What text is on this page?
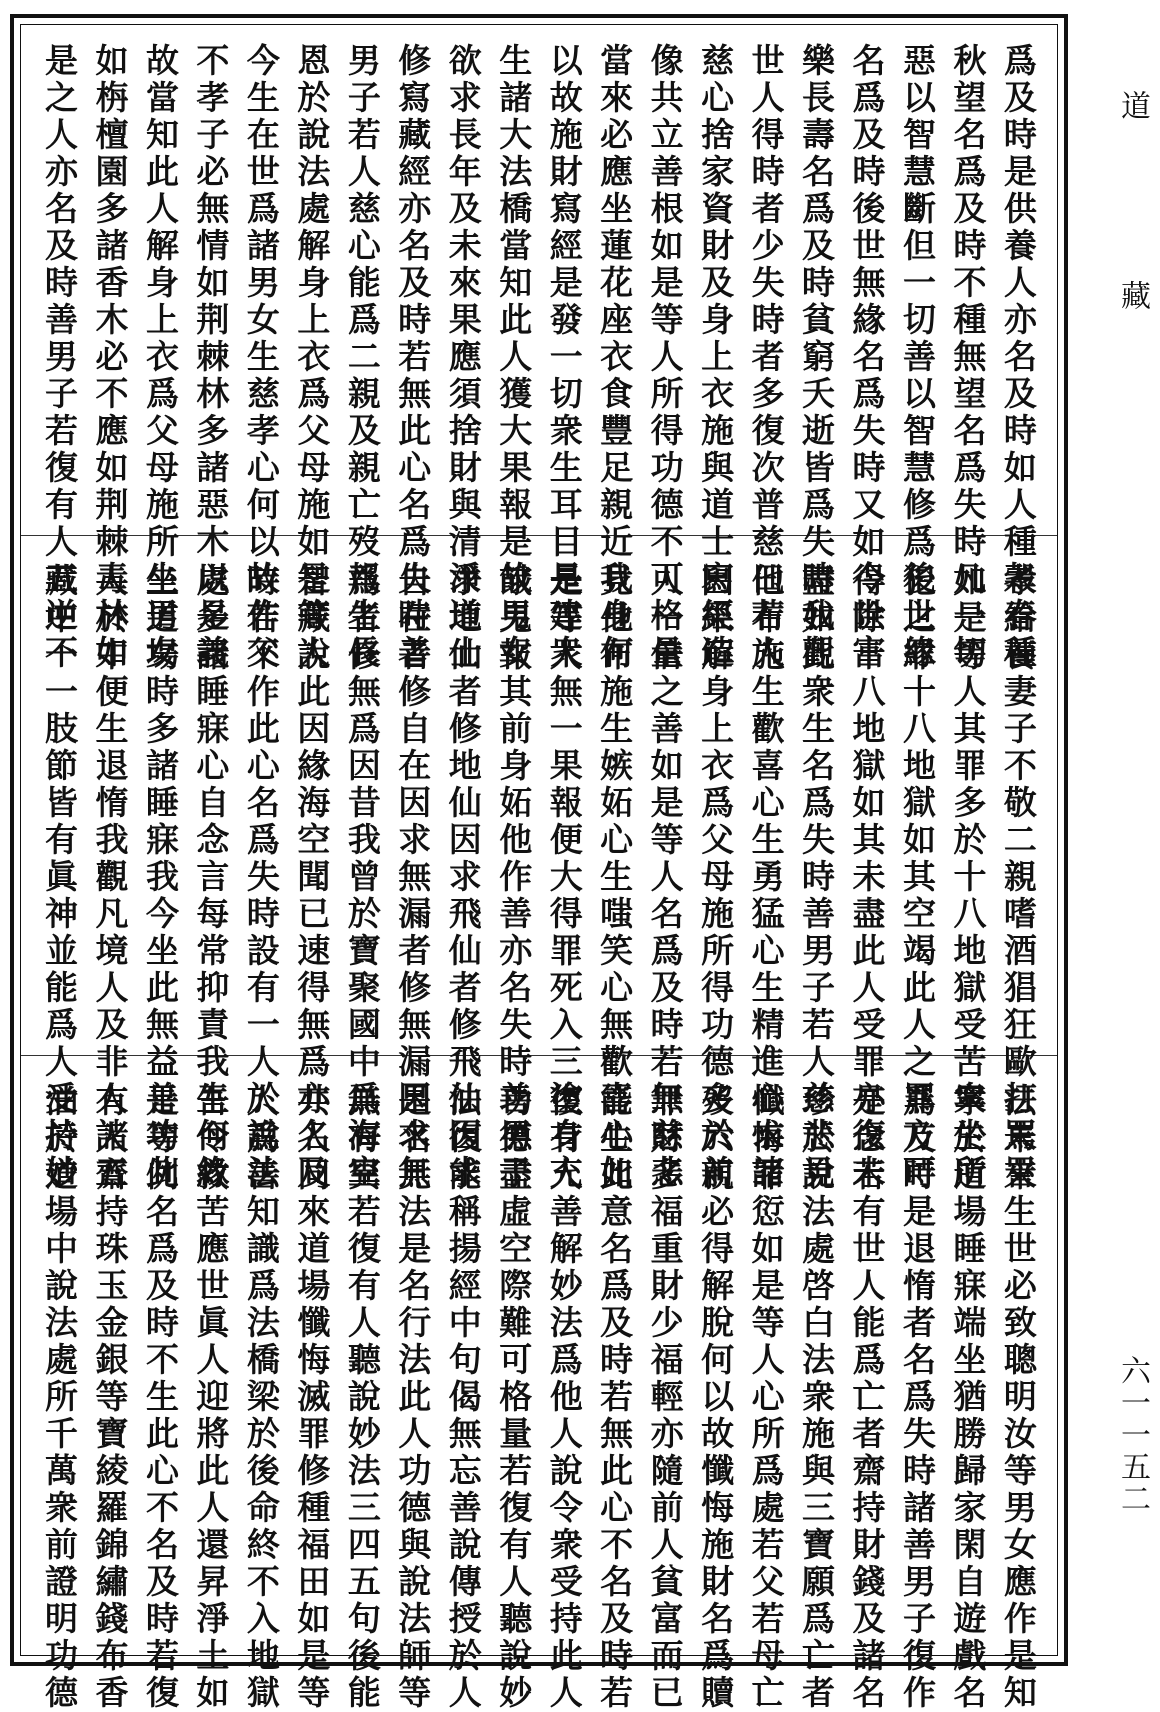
爲及時是供養人亦名及時如人種穀春種
秋望名爲及時不種無望名爲失時凡一切
惡以智慧斷但一切善以智慧修爲後世緣
名爲及時後世無緣名爲失時又如今世富
樂長壽名爲及時貧窮夭逝皆爲失時我觀
世人得時者少失時者多復次普慈曰若人
慈心捨家資財及身上衣施與道士寫經造
像共立善根如是等人所得功德不可格量
當來必應坐蓮花座衣食豐足親近我身何
以故施財寫經是發一切衆生耳目是建衆
生諸大法橋當知此人獲大果報是故男女
欲求長年及未來果應須捨財與清淨道士
修寫藏經亦名及時若無此心名爲失時善
男子若人慈心能爲二親及親亡歿報生長
恩於說法處解身上衣爲父母施如是等人
今生在世爲諸男女生慈孝心何以故作父
不孝子必無情如荆棘林多諸惡木以是義
故當知此人解身上衣爲父母施所生男女
如栴檀園多諸香木必不應如荆棘毒林如
是之人亦名及時善男子若復有人五逆不
孝給養妻子不敬二親嗜酒猖狂歐打罵詈
如是等人其罪多於十八地獄受苦衆生所
犯之罪十八地獄如其空竭此人之罪方可
得除十八地獄如其未盡此人受罪亦復未
盡如此衆生名爲失時善男子若人慈悲見
他布施生歡喜心生勇猛心生精進心求諸
因果解身上衣爲父母施所得功德多於前
人一倍之善如是等人名爲及時若無慈悲
見他布施生嫉妬心生嗤笑心無歡喜心如
是等人無一果報便大得罪死入三塗身充
餓鬼報其前身妬他作善亦名失時善男子
求地仙者修地仙因求飛仙者修飛仙因求
自在者修自在因求無漏者修無漏因求無
爲者修無爲因昔我曾於寶聚國中爲海空
智藏說此因緣海空聞已速得無爲亦名及
時若不作此心名爲失時設有一人於說法
處多諸睡寐心自念言每常抑責我生何緣
坐道場時多諸睡寐我今坐此無益善功此
人於中便生退惰我觀凡境人及非人諸五
藏中一一肢節皆有眞神並能爲人受持妙
法未來生世必致聰明汝等男女應作是知
寧於道場睡寐端坐猶勝歸家閑自遊戲名
爲及時是退惰者名爲失時諸善男子復作
是念若有世人能爲亡者齋持財錢及諸名
珍於說法處啓白法衆施與三寶願爲亡者
懺悔罪愆如是等人心所爲處若父若母亡
歿六親必得解脫何以故懺悔施財名爲贖
罪財多福重財少福輕亦隨前人貧富而已
能生此意名爲及時若無此心不名及時若
復有人善解妙法爲他人說令衆受持此人
功德盡虛空際難可格量若復有人聽說妙
法復能稱揚經中句偈無忘善說傳授於人
是名見法是名行法此人功德與說法師等
無有異若復有人聽說妙法三四五句後能
共人同來道場懺悔滅罪修種福田如是等
人爲善知識爲法橋梁於後命終不入地獄
吾令救苦應世眞人迎將此人還昇淨土如
是等例名爲及時不生此心不名及時若復
有人齋持珠玉金銀等寶綾羅錦繡錢布香
油於道場中說法處所千萬衆前證明功德
道
藏
六一一五二
